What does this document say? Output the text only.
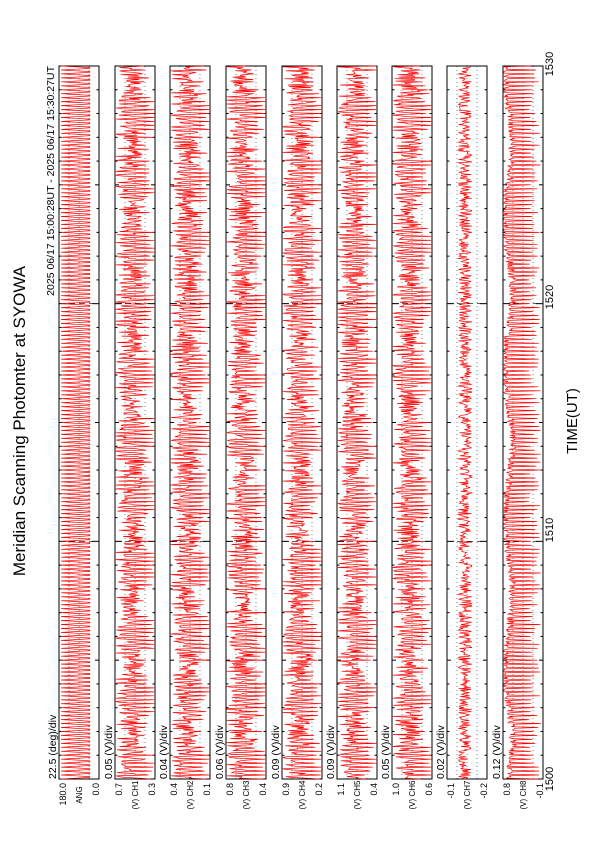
Meridian Scanning Photomter at SYOWA
2025 06/17 15:00:28UT - 2025 06/17 15:30:27UT
TIME(UT)
1500
1510
1520
1530
22.5 (deg)/div
ANG
180.0	0.0
0.05 (V)/div
(V) CH1
0.7	0.3
0.04 (V)/div
(V) CH2
0.4	0.1
0.06 (V)/div
(V) CH3
0.8	0.4
0.09 (V)/div
(V) CH4
0.9	0.2
0.09 (V)/div
(V) CH5
1.1	0.4
0.05 (V)/div
(V) CH6
1.0	0.6
0.02 (V)/div
(V) CH7
-0.1	-0.2
0.12 (V)/div
(V) CH8
0.8	-0.1
